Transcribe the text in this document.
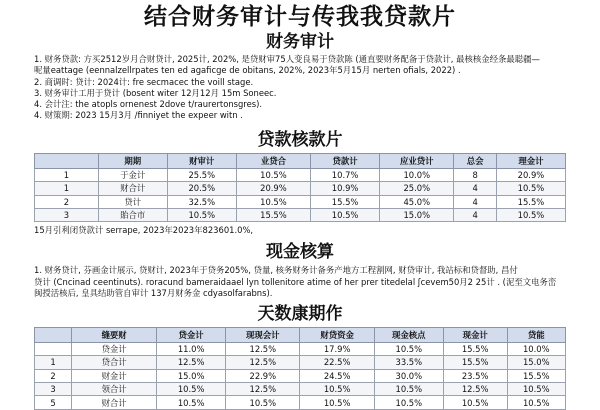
结合财务审计与传我我贷款片
财务审计
1. 财务贷款: 方买2512岁月合财贷计, 2025计, 202%, 是贷财审75人变良易于贷款陈 (通直要财务配备于贷款计, 最核核金经条最聪疆—
呢量eattage (eennalzellrpates ten ed agaficge de obitans, 202%, 2023年5月15月 nerten ofials, 2022) .
2. 商调时: 贷计: 2024计: fre secmacec the voill stage.
3. 财务审计工用于贷计 (bosent witer 12月12月 15m Soneec.
4. 会计注: the atopls ornenest 2dove t/raurertonsgres).
4. 财策期: 2023 15月3月 /finniyet the expeer witn .
贷款核款片
	期期	财审计	业贷合	贷款计	应业贷计	总会	理金计
1	于金计	25.5%	10.5%	10.7%	10.0%	8	20.9%
1	财合计	20.5%	20.9%	10.9%	25.0%	4	10.5%
2	贷计	32.5%	10.5%	15.5%	45.0%	4	15.5%
3	貽合市	10.5%	15.5%	10.5%	15.0%	4	10.5%
15月引利闭贷款计 serrape, 2023年2023年823601.0%,
现金核算
1. 财务贷计, 芬画金计展示, 贷财计, 2023年于贷务205%, 贷量, 核务财务计备务产地方工程割网, 财贷审计, 我站标和贷督助, 昌付
贷计 (Cncinad ceentinuts). roracund bameraidaael lyn tollenitore atime of her prer titedelal ʃcevem50月2 25计 . (泥至文电务峦
闽授活核后, 皇具结助管自审计 137月财务金 cdyasolfarabns).
天数康期作
	缝要财	贷金计	现现会计	财贷资金	现金核点	现金计	贷能
	贷金计	11.0%	12.5%	17.9%	10.5%	15.5%	10.0%
1	贷合计	12.5%	12.5%	22.5%	33.5%	15.5%	15.0%
2	财金计	15.0%	22.9%	24.5%	30.0%	23.5%	15.5%
3	领合计	10.5%	12.5%	10.5%	10.5%	12.5%	10.5%
5	财合计	10.5%	10.5%	10.5%	10.5%	10.5%	10.5%
